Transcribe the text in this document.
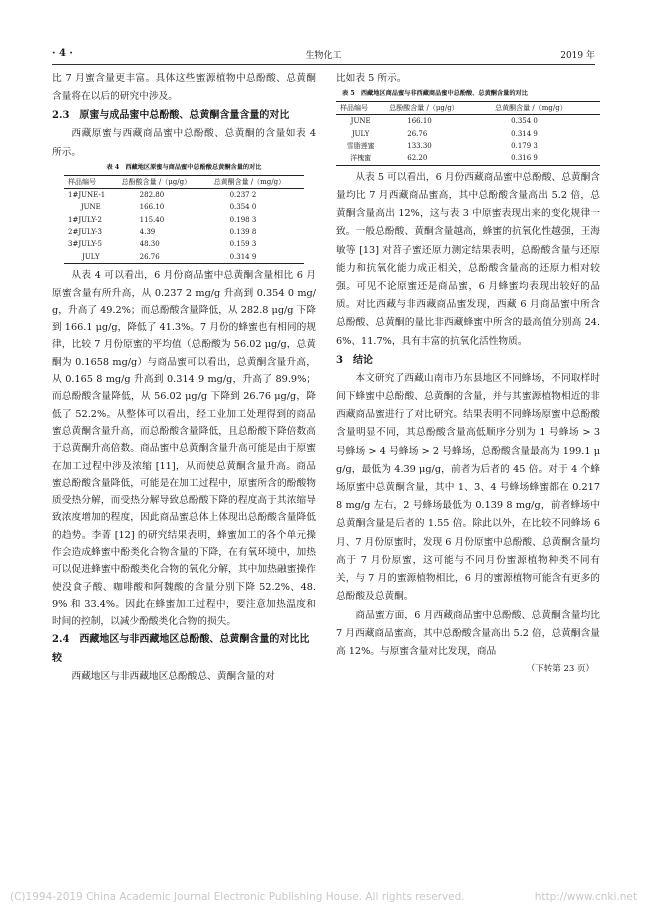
· 4 ·	生物化工	2019 年

比 7 月蜜含量更丰富。具体这些蜜源植物中总酚酸、总黄酮含量将在以后的研究中涉及。

2.3　原蜜与成品蜜中总酚酸、总黄酮含量含量的对比

西藏原蜜与西藏商品蜜中总酚酸、总黄酮的含量如表 4 所示。

表 4　西藏地区原蜜与商品蜜中总酚酸总黄酮含量的对比
样品编号	总酚酸含量 /（μg/g）	总黄酮含量 /（mg/g）
1#JUNE-1	282.80	0.237 2
JUNE	166.10	0.354 0
1#JULY-2	115.40	0.198 3
2#JULY-3	4.39	0.139 8
3#JULY-5	48.30	0.159 3
JULY	26.76	0.314 9

从表 4 可以看出，6 月份商品蜜中总黄酮含量相比 6 月原蜜含量有所升高，从 0.237 2 mg/g 升高到 0.354 0 mg/g，升高了 49.2%；而总酚酸含量降低，从 282.8 μg/g 下降到 166.1 μg/g，降低了 41.3%。7 月份的蜂蜜也有相同的规律，比较 7 月份原蜜的平均值（总酚酸为 56.02 μg/g，总黄酮为 0.1658 mg/g）与商品蜜可以看出，总黄酮含量升高，从 0.165 8 mg/g 升高到 0.314 9 mg/g，升高了 89.9%；而总酚酸含量降低，从 56.02 μg/g 下降到 26.76 μg/g，降低了 52.2%。从整体可以看出，经工业加工处理得到的商品蜜总黄酮含量升高，而总酚酸含量降低，且总酚酸下降倍数高于总黄酮升高倍数。商品蜜中总黄酮含量升高可能是由于原蜜在加工过程中涉及浓缩 [11]，从而使总黄酮含量升高。商品蜜总酚酸含量降低，可能是在加工过程中，原蜜所含的酚酸物质受热分解，而受热分解导致总酚酸下降的程度高于其浓缩导致浓度增加的程度，因此商品蜜总体上体现出总酚酸含量降低的趋势。李菁 [12] 的研究结果表明，蜂蜜加工的各个单元操作会造成蜂蜜中酚类化合物含量的下降，在有氧环境中，加热可以促进蜂蜜中酚酸类化合物的氧化分解，其中加热融蜜操作使没食子酸、咖啡酸和阿魏酸的含量分别下降 52.2%、48.9% 和 33.4%。因此在蜂蜜加工过程中，要注意加热温度和时间的控制，以减少酚酸类化合物的损失。

2.4　西藏地区与非西藏地区总酚酸、总黄酮含量的对比比较

西藏地区与非西藏地区总酚酸总、黄酮含量的对

比如表 5 所示。

表 5　西藏地区商品蜜与非西藏商品蜜中总酚酸、总黄酮含量的对比
样品编号	总酚酸含量 /（μg/g）	总黄酮含量 /（mg/g）
JUNE	166.10	0.354 0
JULY	26.76	0.314 9
雪脂莲蜜	133.30	0.179 3
洋槐蜜	62.20	0.316 9

从表 5 可以看出，6 月份西藏商品蜜中总酚酸、总黄酮含量均比 7 月西藏商品蜜高，其中总酚酸含量高出 5.2 倍，总黄酮含量高出 12%，这与表 3 中原蜜表现出来的变化规律一致。一般总酚酸、黄酮含量越高，蜂蜜的抗氧化性越强，王海敏等 [13] 对苕子蜜还原力测定结果表明，总酚酸含量与还原能力和抗氧化能力成正相关，总酚酸含量高的还原力相对较强。可见不论原蜜还是商品蜜，6 月蜂蜜均表现出较好的品质。对比西藏与非西藏商品蜜发现，西藏 6 月商品蜜中所含总酚酸、总黄酮的量比非西藏蜂蜜中所含的最高值分别高 24.6%、11.7%，具有丰富的抗氧化活性物质。

3　结论

本文研究了西藏山南市乃东县地区不同蜂场，不同取样时间下蜂蜜中总酚酸、总黄酮的含量，并与其蜜源植物相近的非西藏商品蜜进行了对比研究。结果表明不同蜂场原蜜中总酚酸含量明显不同，其总酚酸含量高低顺序分别为 1 号蜂场 > 3 号蜂场 > 4 号蜂场 > 2 号蜂场，总酚酸含量最高为 199.1 μg/g，最低为 4.39 μg/g，前者为后者的 45 倍。对于 4 个蜂场原蜜中总黄酮含量，其中 1、3、4 号蜂场蜂蜜都在 0.217 8 mg/g 左右，2 号蜂场最低为 0.139 8 mg/g，前者蜂场中总黄酮含量是后者的 1.55 倍。除此以外，在比较不同蜂场 6 月、7 月份原蜜时，发现 6 月份原蜜中总酚酸、总黄酮含量均高于 7 月份原蜜，这可能与不同月份蜜源植物种类不同有关，与 7 月的蜜源植物相比，6 月的蜜源植物可能含有更多的总酚酸及总黄酮。

商品蜜方面，6 月西藏商品蜜中总酚酸、总黄酮含量均比 7 月西藏商品蜜高，其中总酚酸含量高出 5.2 倍，总黄酮含量高 12%。与原蜜含量对比发现，商品

（下转第 23 页）
(C)1994-2019 China Academic Journal Electronic Publishing House. All rights reserved.	http://www.cnki.net
